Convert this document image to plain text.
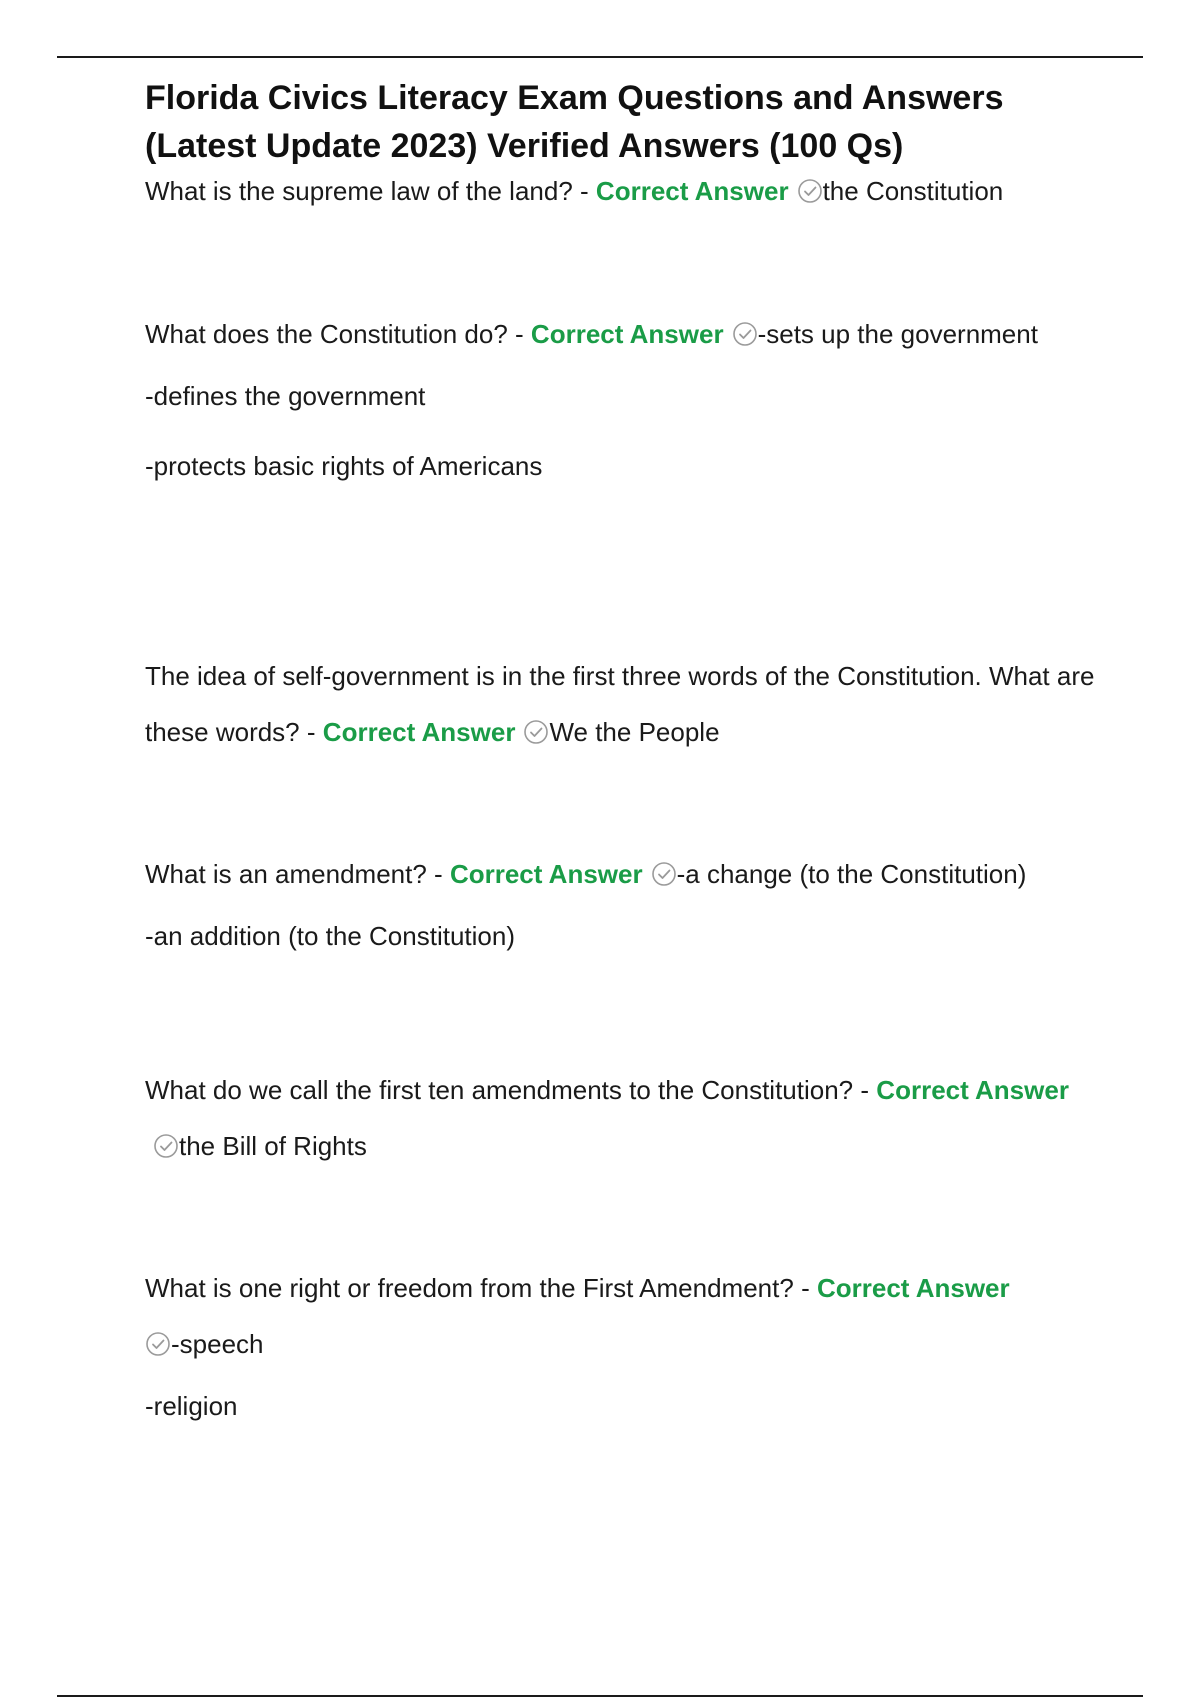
Florida Civics Literacy Exam Questions and Answers (Latest Update 2023) Verified Answers (100 Qs)

What is the supreme law of the land? - Correct Answer the Constitution

What does the Constitution do? - Correct Answer -sets up the government

-defines the government

-protects basic rights of Americans

The idea of self-government is in the first three words of the Constitution. What are these words? - Correct Answer We the People

What is an amendment? - Correct Answer -a change (to the Constitution)

-an addition (to the Constitution)

What do we call the first ten amendments to the Constitution? - Correct Answer
the Bill of Rights

What is one right or freedom from the First Amendment? - Correct Answer

-speech

-religion
